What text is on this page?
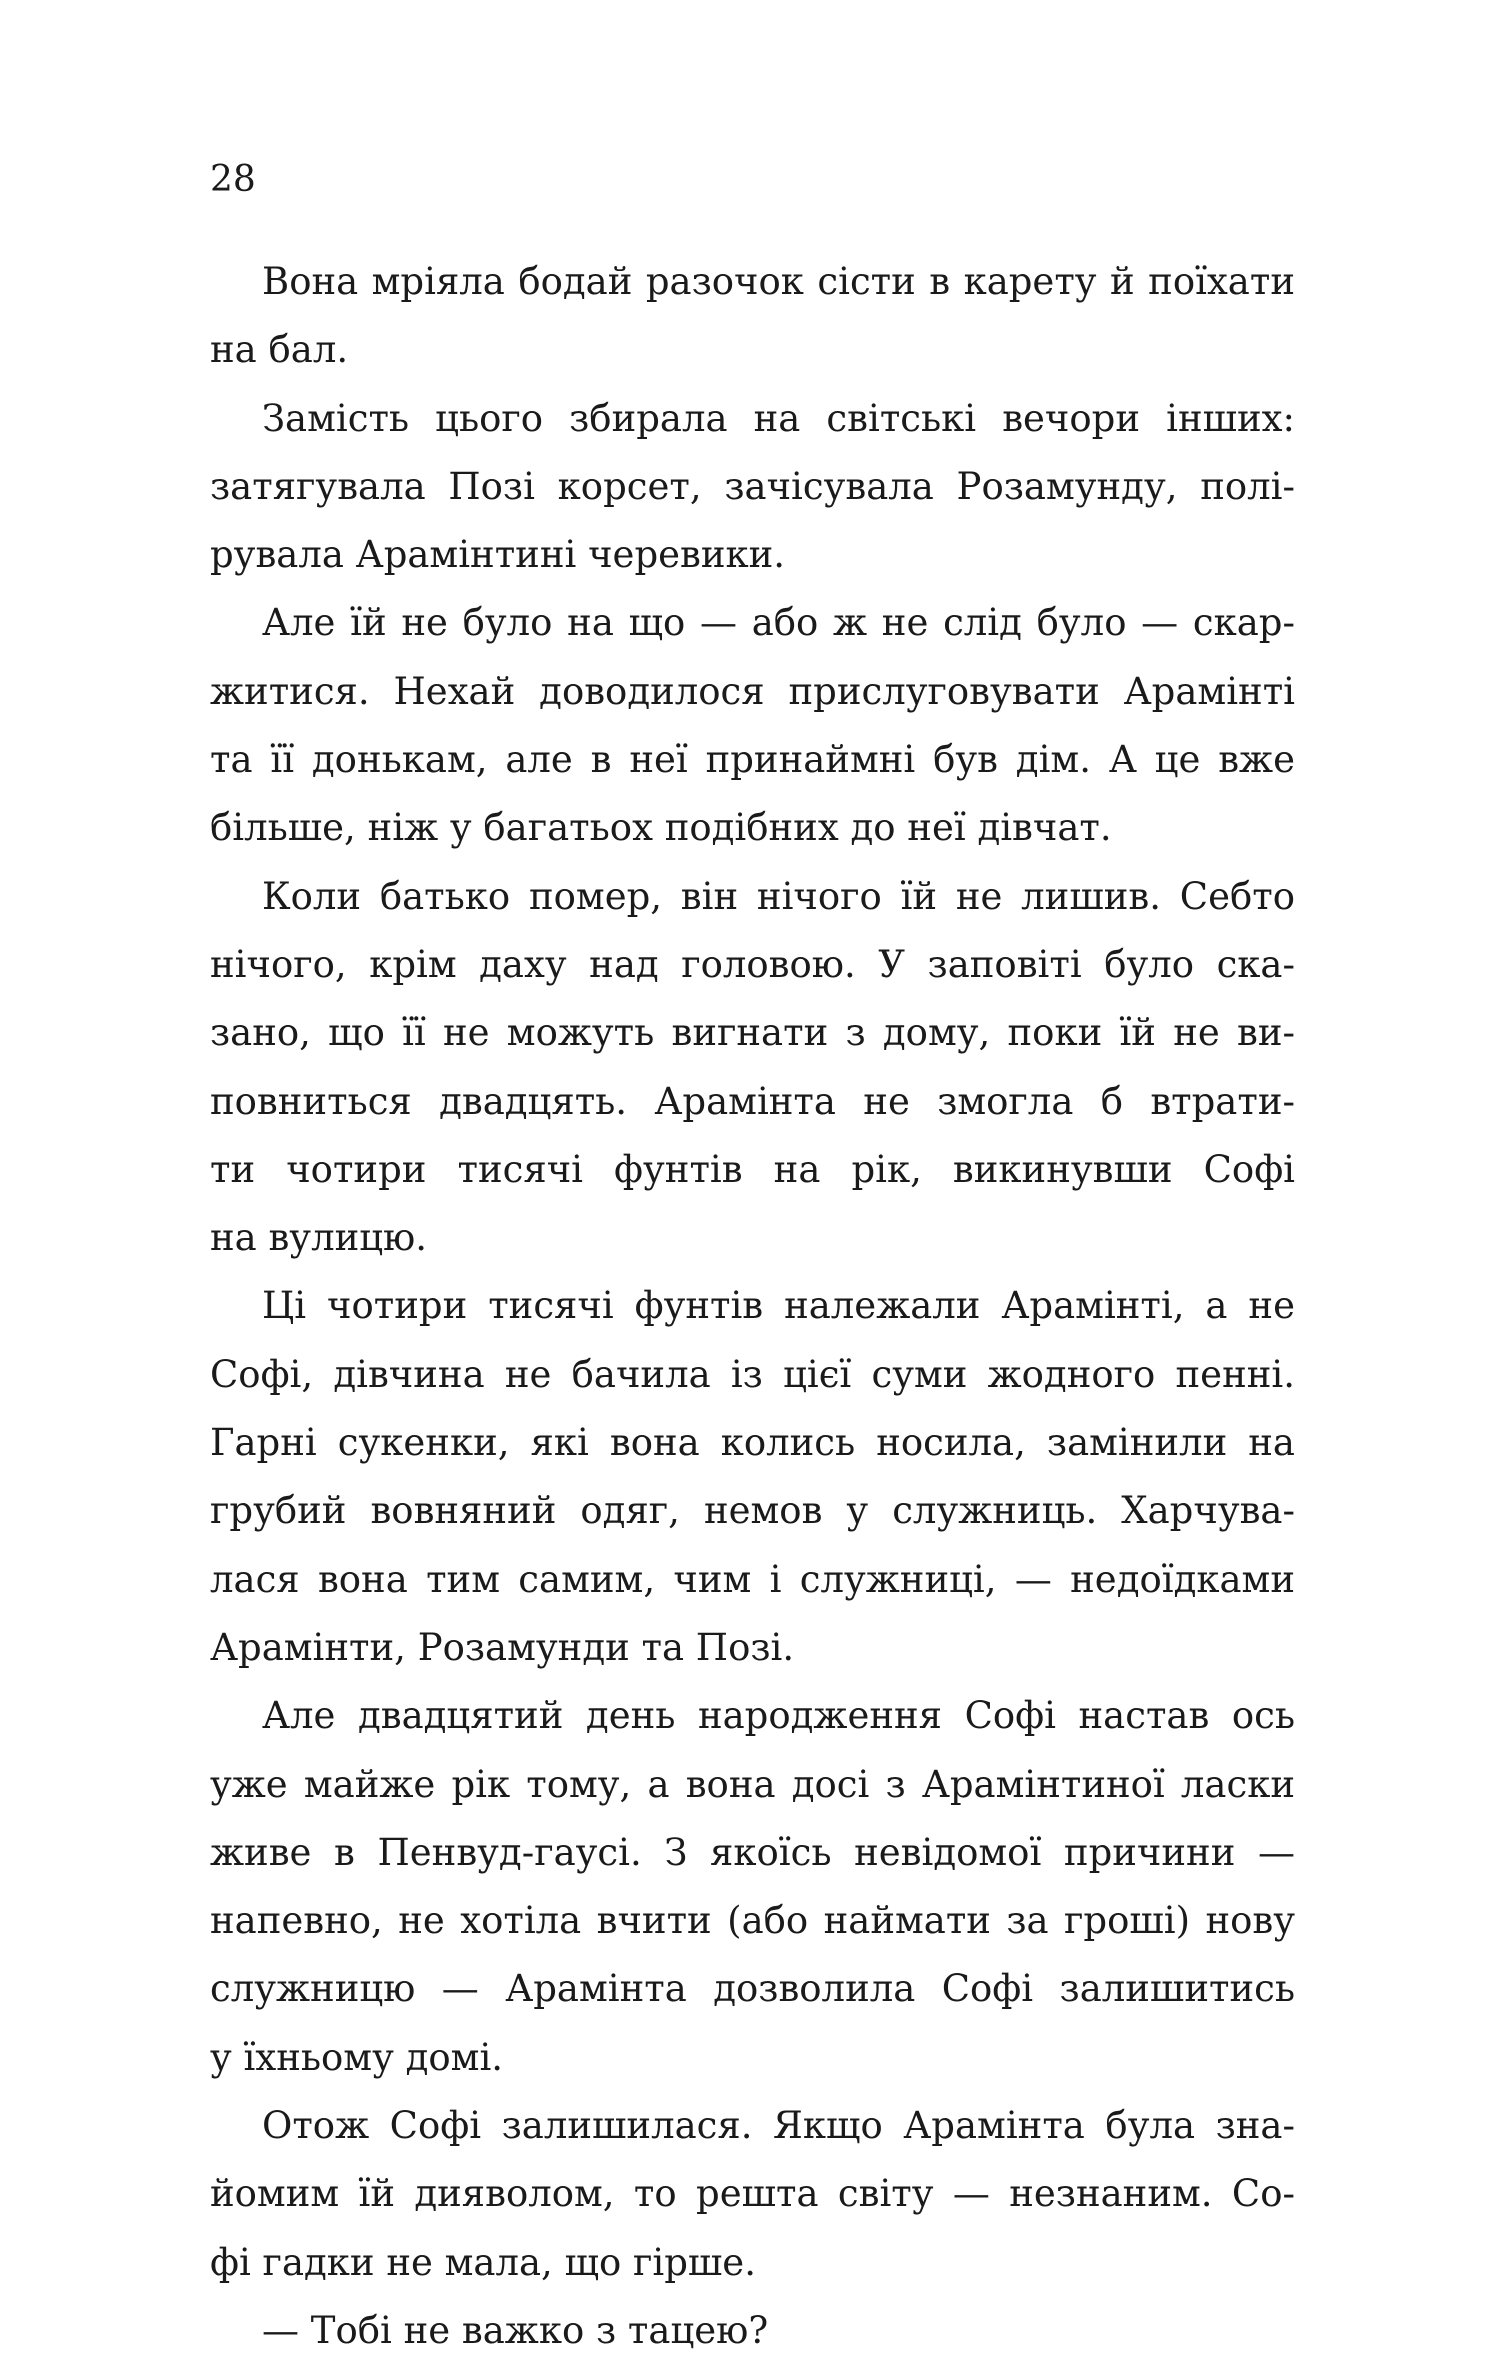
28
Вона мріяла бодай разочок сісти в карету й поїхати
на бал.
Замість цього збирала на світські вечори інших:
затягувала Позі корсет, зачісувала Розамунду, полі-
рувала Арамінтині черевики.
Але їй не було на що — або ж не слід було — скар-
житися. Нехай доводилося прислуговувати Арамінті
та її донькам, але в неї принаймні був дім. А це вже
більше, ніж у багатьох подібних до неї дівчат.
Коли батько помер, він нічого їй не лишив. Себто
нічого, крім даху над головою. У заповіті було ска-
зано, що її не можуть вигнати з дому, поки їй не ви-
повниться двадцять. Арамінта не змогла б втрати-
ти чотири тисячі фунтів на рік, викинувши Софі
на вулицю.
Ці чотири тисячі фунтів належали Арамінті, а не
Софі, дівчина не бачила із цієї суми жодного пенні.
Гарні сукенки, які вона колись носила, замінили на
грубий вовняний одяг, немов у служниць. Харчува-
лася вона тим самим, чим і служниці, — недоїдками
Арамінти, Розамунди та Позі.
Але двадцятий день народження Софі настав ось
уже майже рік тому, а вона досі з Арамінтиної ласки
живе в Пенвуд-гаусі. З якоїсь невідомої причини —
напевно, не хотіла вчити (або наймати за гроші) нову
служницю — Арамінта дозволила Софі залишитись
у їхньому домі.
Отож Софі залишилася. Якщо Арамінта була зна-
йомим їй дияволом, то решта світу — незнаним. Со-
фі гадки не мала, що гірше.
— Тобі не важко з тацею?
